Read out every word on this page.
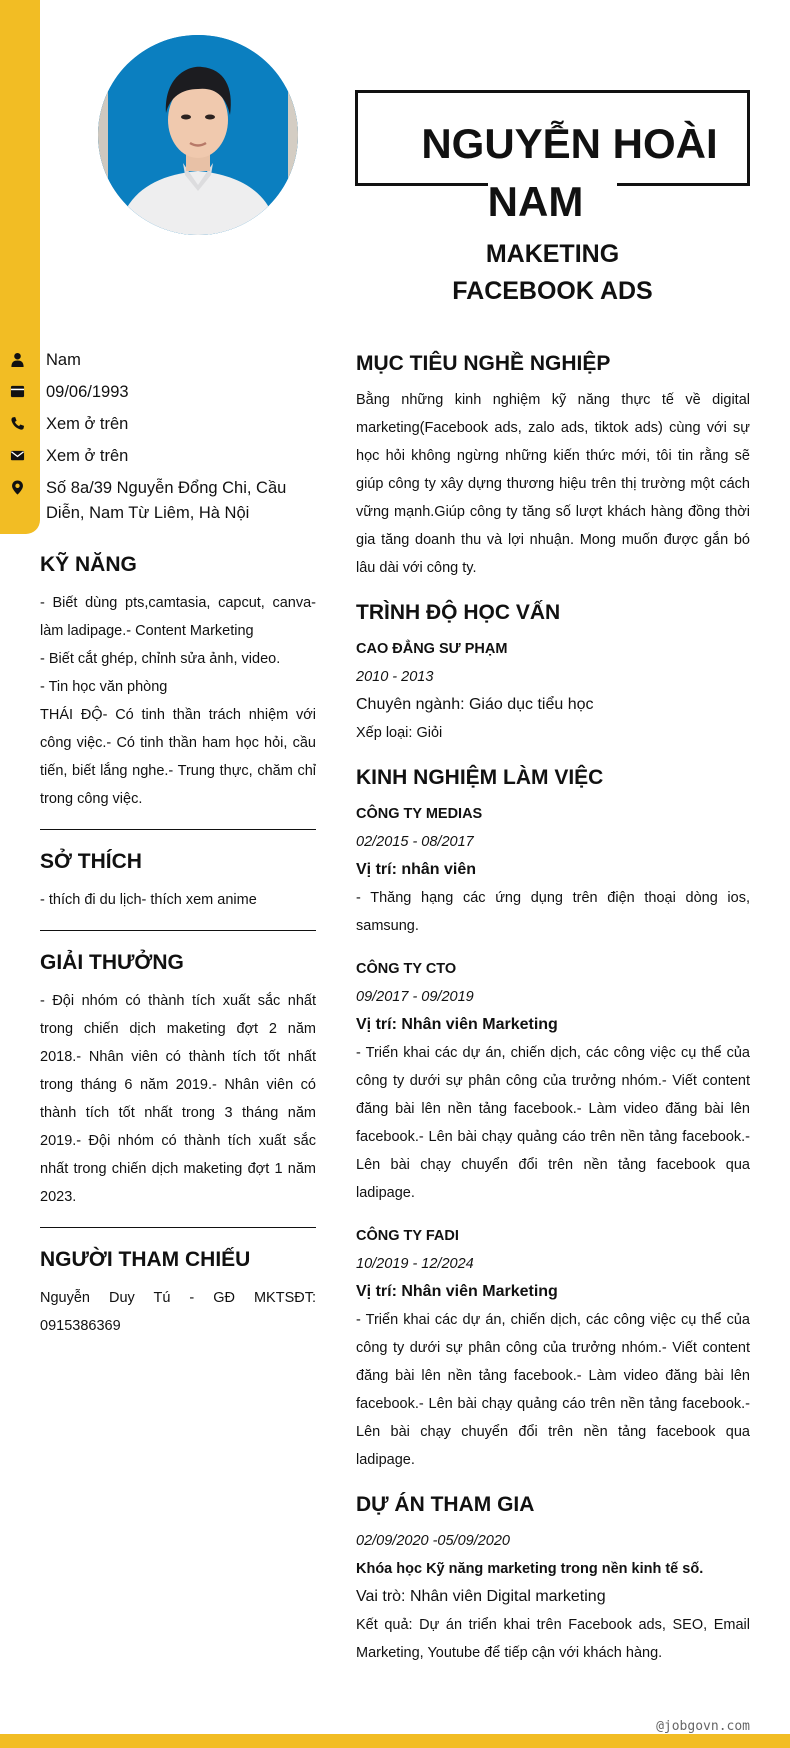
NGUYỄN HOÀI NAM
MAKETING
FACEBOOK ADS
Nam
09/06/1993
Xem ở trên
Xem ở trên
Số 8a/39 Nguyễn Đổng Chi, Cầu Diễn, Nam Từ Liêm, Hà Nội
KỸ NĂNG

- Biết dùng pts,camtasia, capcut, canva- làm ladipage.- Content Marketing
- Biết cắt ghép, chỉnh sửa ảnh, video.
- Tin học văn phòng
THÁI ĐỘ- Có tinh thần trách nhiệm với công việc.- Có tinh thần ham học hỏi, cầu tiến, biết lắng nghe.- Trung thực, chăm chỉ trong công việc.

SỞ THÍCH

- thích đi du lịch- thích xem anime

GIẢI THƯỞNG

- Đội nhóm có thành tích xuất sắc nhất trong chiến dịch maketing đợt 2 năm 2018.- Nhân viên có thành tích tốt nhất trong tháng 6 năm 2019.- Nhân viên có thành tích tốt nhất trong 3 tháng năm 2019.- Đội nhóm có thành tích xuất sắc nhất trong chiến dịch maketing đợt 1 năm 2023.

NGƯỜI THAM CHIẾU

Nguyễn Duy Tú - GĐ MKTSĐT: 0915386369

MỤC TIÊU NGHỀ NGHIỆP

Bằng những kinh nghiệm kỹ năng thực tế về digital marketing(Facebook ads, zalo ads, tiktok ads) cùng với sự học hỏi không ngừng những kiến thức mới, tôi tin rằng sẽ giúp công ty xây dựng thương hiệu trên thị trường một cách vững mạnh.Giúp công ty tăng số lượt khách hàng đồng thời gia tăng doanh thu và lợi nhuận. Mong muốn được gắn bó lâu dài với công ty.

TRÌNH ĐỘ HỌC VẤN
CAO ĐẲNG SƯ PHẠM
2010 - 2013
Chuyên ngành: Giáo dục tiểu học
Xếp loại: Giỏi
KINH NGHIỆM LÀM VIỆC
CÔNG TY MEDIAS
02/2015 - 08/2017
Vị trí: nhân viên

- Thăng hạng các ứng dụng trên điện thoại dòng ios, samsung.

CÔNG TY CTO
09/2017 - 09/2019
Vị trí: Nhân viên Marketing

- Triển khai các dự án, chiến dịch, các công việc cụ thể của công ty dưới sự phân công của trưởng nhóm.- Viết content đăng bài lên nền tảng facebook.- Làm video đăng bài lên facebook.- Lên bài chạy quảng cáo trên nền tảng facebook.- Lên bài chạy chuyển đổi trên nền tảng facebook qua ladipage.

CÔNG TY FADI
10/2019 - 12/2024
Vị trí: Nhân viên Marketing

- Triển khai các dự án, chiến dịch, các công việc cụ thể của công ty dưới sự phân công của trưởng nhóm.- Viết content đăng bài lên nền tảng facebook.- Làm video đăng bài lên facebook.- Lên bài chạy quảng cáo trên nền tảng facebook.- Lên bài chạy chuyển đổi trên nền tảng facebook qua ladipage.

DỰ ÁN THAM GIA
02/09/2020 -05/09/2020
Khóa học Kỹ năng marketing trong nền kinh tế số.
Vai trò: Nhân viên Digital marketing

Kết quả: Dự án triển khai trên Facebook ads, SEO, Email Marketing, Youtube để tiếp cận với khách hàng.

@jobgovn.com
